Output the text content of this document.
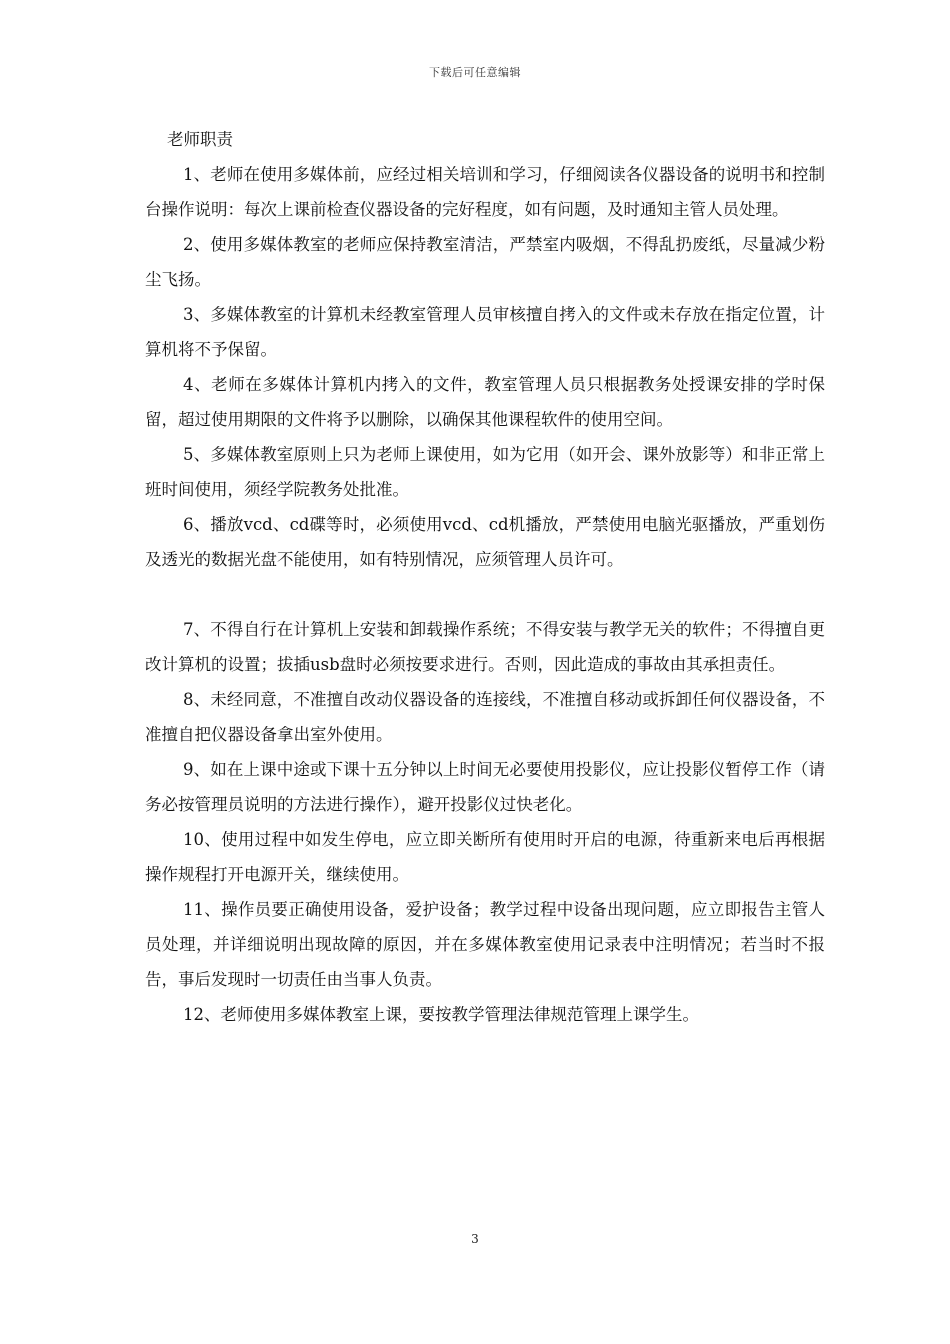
下载后可任意编辑

老师职责

1、老师在使用多媒体前，应经过相关培训和学习，仔细阅读各仪器设备的说明书和控制台操作说明：每次上课前检查仪器设备的完好程度，如有问题，及时通知主管人员处理。

2、使用多媒体教室的老师应保持教室清洁，严禁室内吸烟，不得乱扔废纸，尽量减少粉尘飞扬。

3、多媒体教室的计算机未经教室管理人员审核擅自拷入的文件或未存放在指定位置，计算机将不予保留。

4、老师在多媒体计算机内拷入的文件，教室管理人员只根据教务处授课安排的学时保留，超过使用期限的文件将予以删除，以确保其他课程软件的使用空间。

5、多媒体教室原则上只为老师上课使用，如为它用（如开会、课外放影等）和非正常上班时间使用，须经学院教务处批准。

6、播放vcd、cd碟等时，必须使用vcd、cd机播放，严禁使用电脑光驱播放，严重划伤及透光的数据光盘不能使用，如有特别情况，应须管理人员许可。

7、不得自行在计算机上安装和卸载操作系统；不得安装与教学无关的软件；不得擅自更改计算机的设置；拔插usb盘时必须按要求进行。否则，因此造成的事故由其承担责任。

8、未经同意，不准擅自改动仪器设备的连接线，不准擅自移动或拆卸任何仪器设备，不准擅自把仪器设备拿出室外使用。

9、如在上课中途或下课十五分钟以上时间无必要使用投影仪，应让投影仪暂停工作（请务必按管理员说明的方法进行操作），避开投影仪过快老化。

10、使用过程中如发生停电，应立即关断所有使用时开启的电源，待重新来电后再根据操作规程打开电源开关，继续使用。

11、操作员要正确使用设备，爱护设备；教学过程中设备出现问题，应立即报告主管人员处理，并详细说明出现故障的原因，并在多媒体教室使用记录表中注明情况；若当时不报告，事后发现时一切责任由当事人负责。

12、老师使用多媒体教室上课，要按教学管理法律规范管理上课学生。

3
